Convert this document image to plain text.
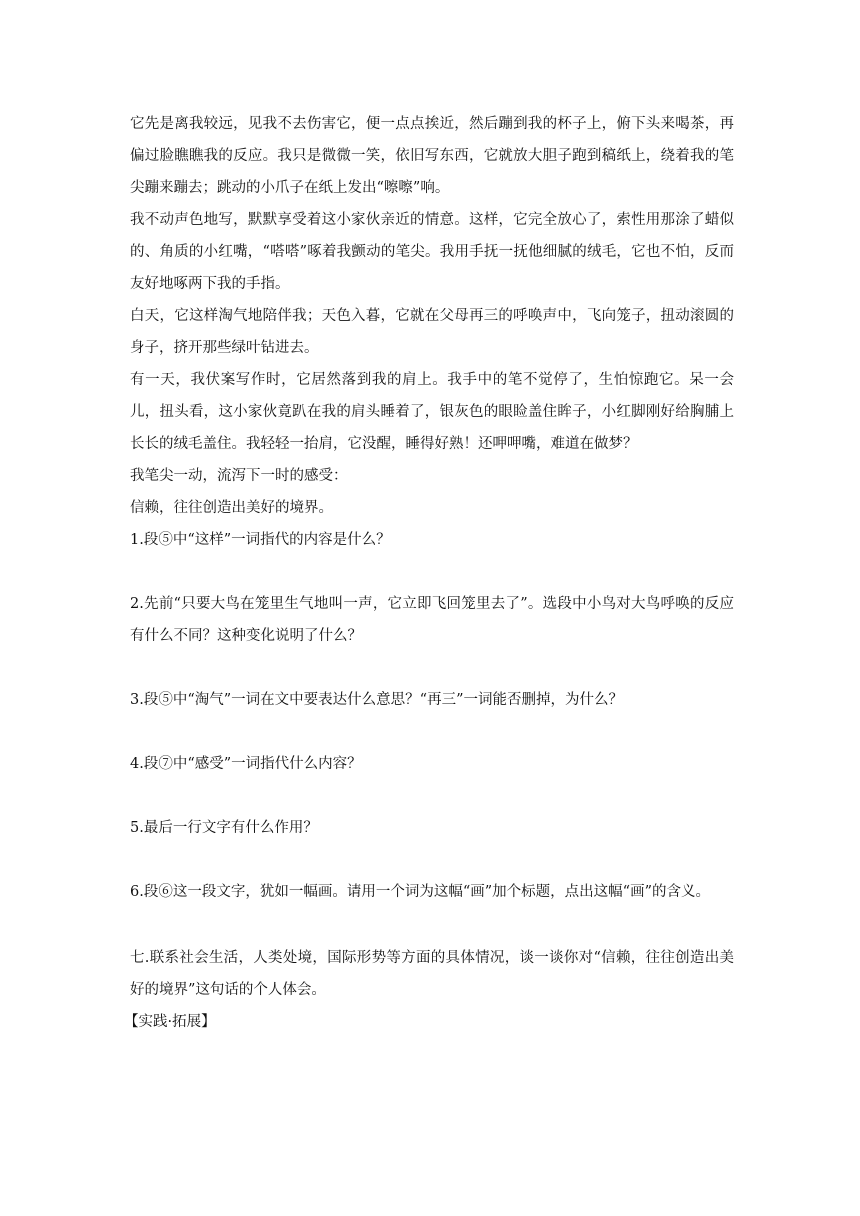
它先是离我较远，见我不去伤害它，便一点点挨近，然后蹦到我的杯子上，俯下头来喝茶，再偏过脸瞧瞧我的反应。我只是微微一笑，依旧写东西，它就放大胆子跑到稿纸上，绕着我的笔尖蹦来蹦去；跳动的小爪子在纸上发出“嚓嚓”响。

我不动声色地写，默默享受着这小家伙亲近的情意。这样，它完全放心了，索性用那涂了蜡似的、角质的小红嘴，“嗒嗒”啄着我颤动的笔尖。我用手抚一抚他细腻的绒毛，它也不怕，反而友好地啄两下我的手指。

白天，它这样淘气地陪伴我；天色入暮，它就在父母再三的呼唤声中，飞向笼子，扭动滚圆的身子，挤开那些绿叶钻进去。

有一天，我伏案写作时，它居然落到我的肩上。我手中的笔不觉停了，生怕惊跑它。呆一会儿，扭头看，这小家伙竟趴在我的肩头睡着了，银灰色的眼睑盖住眸子，小红脚刚好给胸脯上长长的绒毛盖住。我轻轻一抬肩，它没醒，睡得好熟！还呷呷嘴，难道在做梦？

我笔尖一动，流泻下一时的感受：

信赖，往往创造出美好的境界。

1.段⑤中“这样”一词指代的内容是什么？

2.先前“只要大鸟在笼里生气地叫一声，它立即飞回笼里去了”。选段中小鸟对大鸟呼唤的反应有什么不同？这种变化说明了什么？

3.段⑤中“淘气”一词在文中要表达什么意思？“再三”一词能否删掉，为什么？

4.段⑦中“感受”一词指代什么内容？

5.最后一行文字有什么作用？

6.段⑥这一段文字，犹如一幅画。请用一个词为这幅“画”加个标题，点出这幅“画”的含义。

七.联系社会生活，人类处境，国际形势等方面的具体情况，谈一谈你对“信赖，往往创造出美好的境界”这句话的个人体会。

【实践·拓展】
